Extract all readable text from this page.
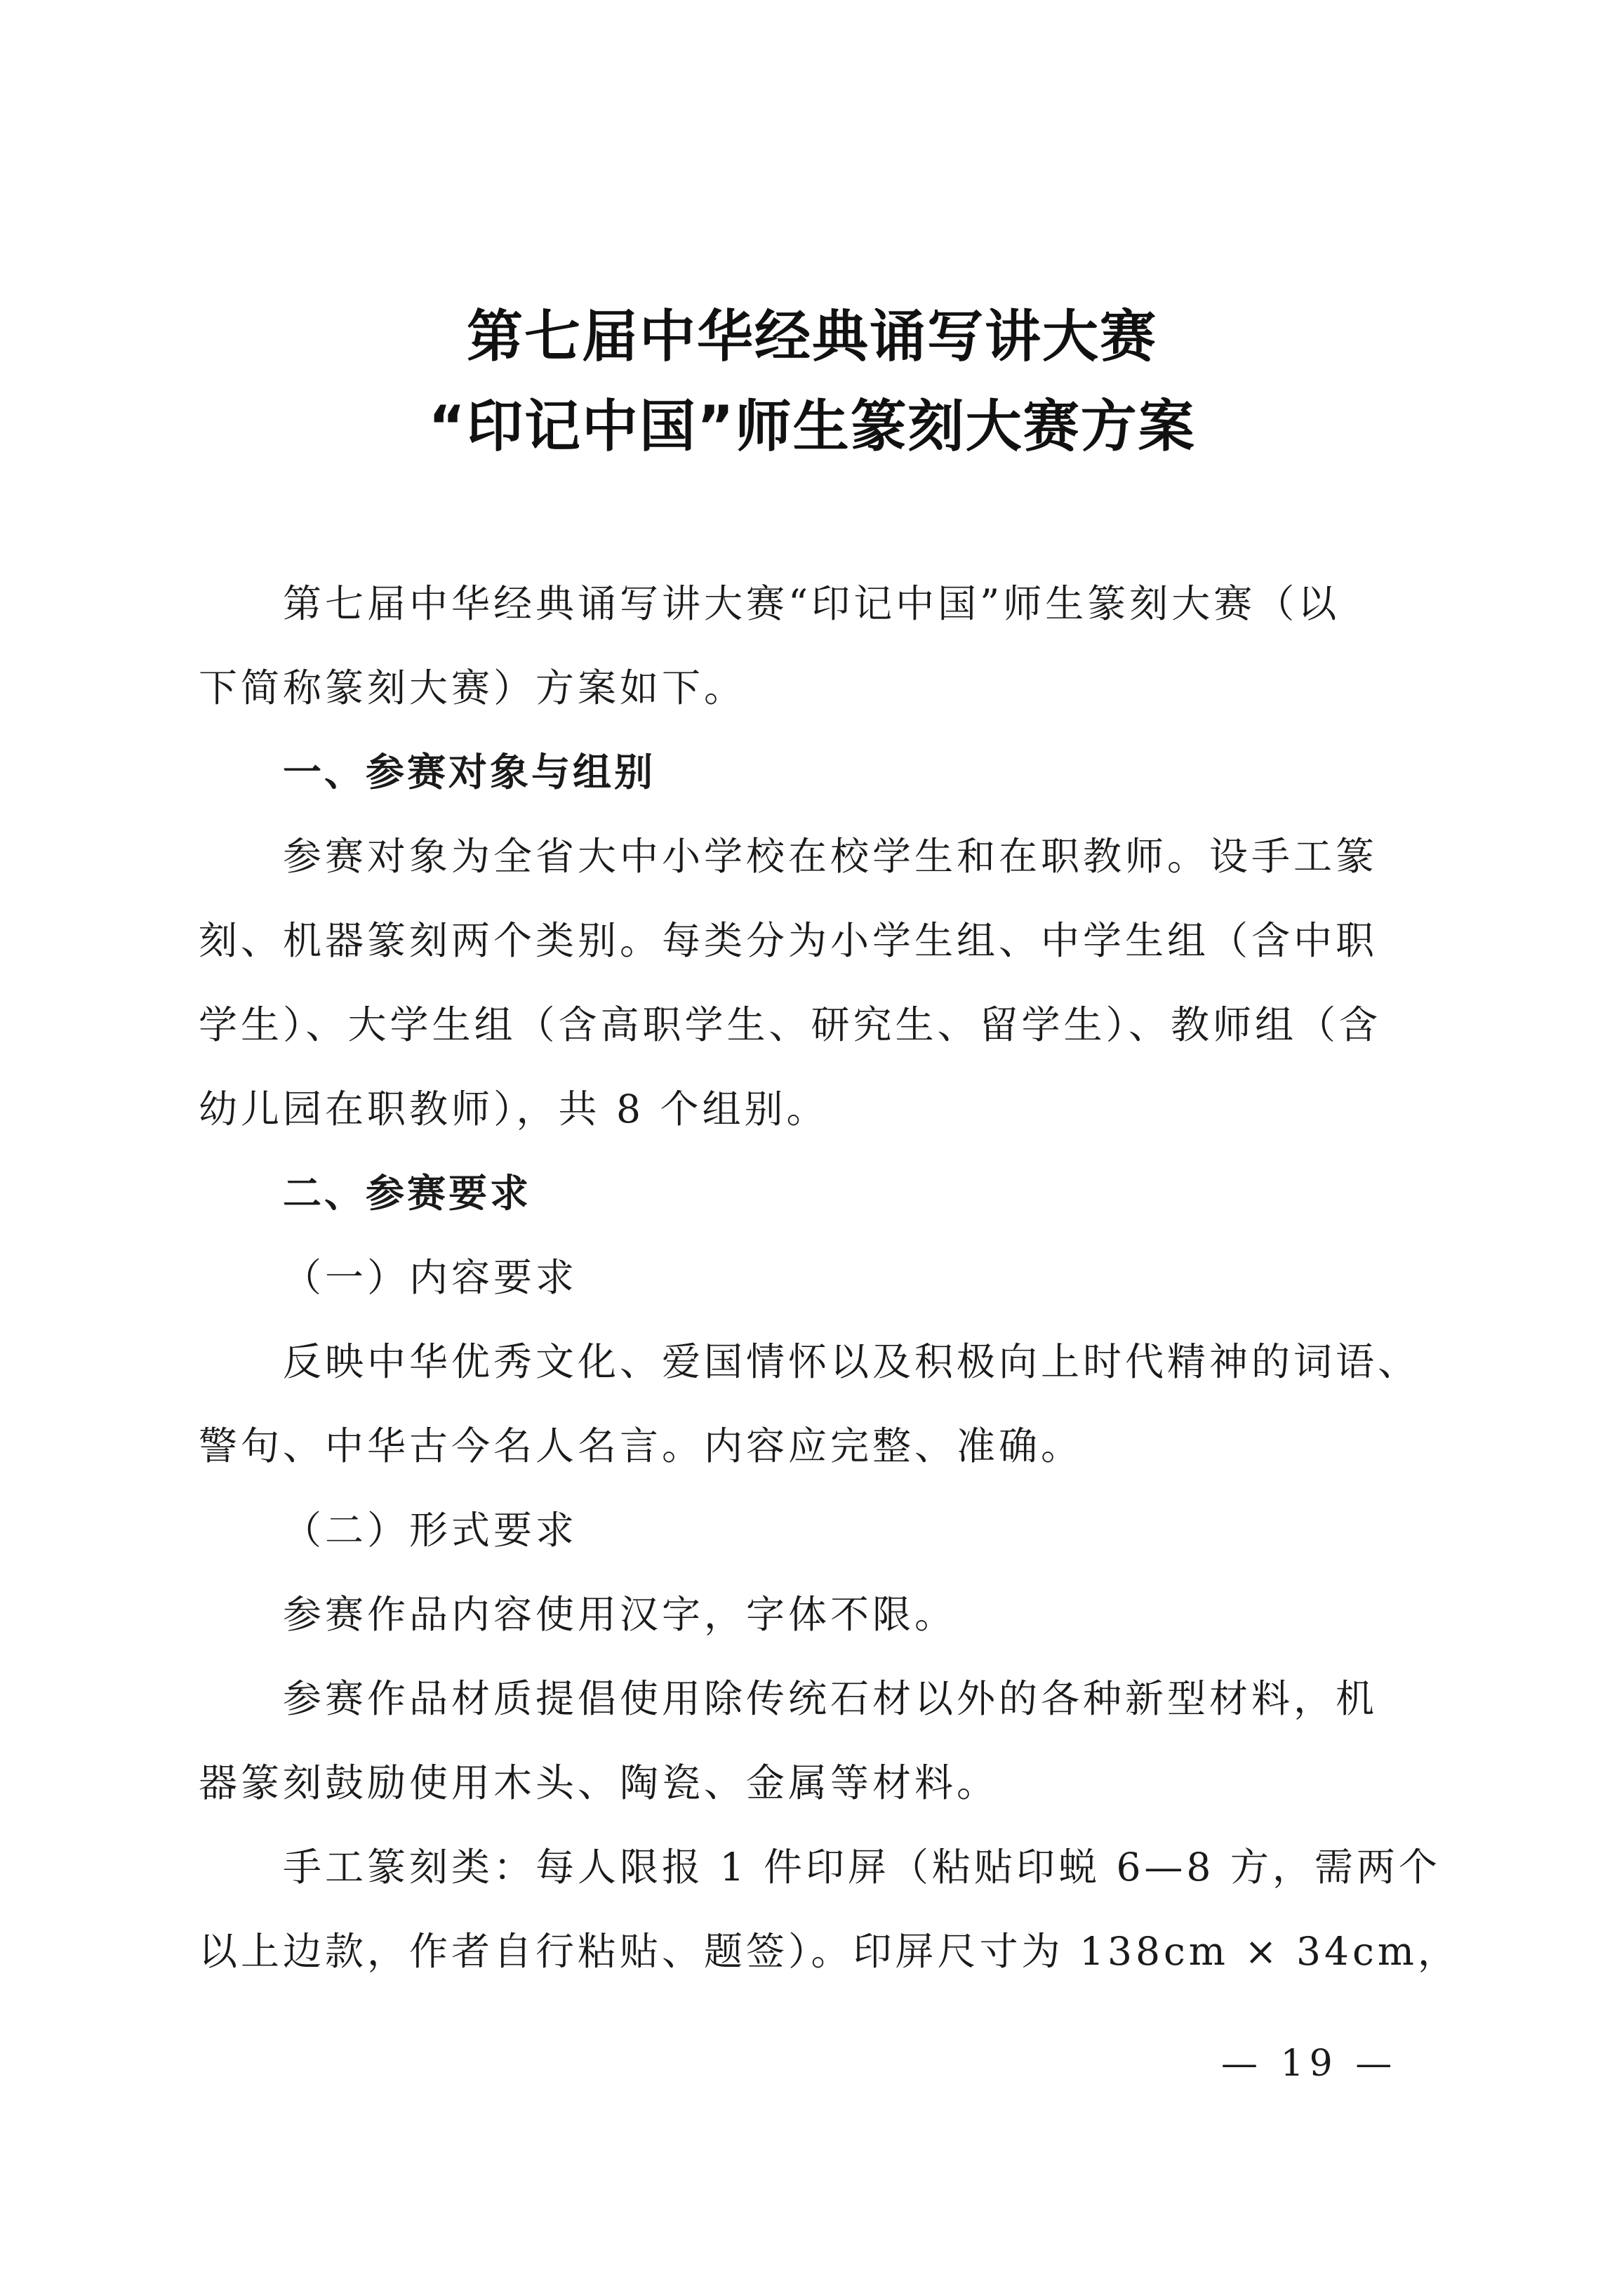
第七届中华经典诵写讲大赛
“印记中国”师生篆刻大赛方案
第七届中华经典诵写讲大赛“印记中国”师生篆刻大赛（以
下简称篆刻大赛）方案如下。
一、参赛对象与组别
参赛对象为全省大中小学校在校学生和在职教师。设手工篆
刻、机器篆刻两个类别。每类分为小学生组、中学生组（含中职
学生）、大学生组（含高职学生、研究生、留学生）、教师组（含
幼儿园在职教师），共 8 个组别。
二、参赛要求
（一）内容要求
反映中华优秀文化、爱国情怀以及积极向上时代精神的词语、
警句、中华古今名人名言。内容应完整、准确。
（二）形式要求
参赛作品内容使用汉字，字体不限。
参赛作品材质提倡使用除传统石材以外的各种新型材料，机
器篆刻鼓励使用木头、陶瓷、金属等材料。
手工篆刻类：每人限报 1 件印屏（粘贴印蜕 6—8 方，需两个
以上边款，作者自行粘贴、题签）。印屏尺寸为 138cm × 34cm，
— 19 —
